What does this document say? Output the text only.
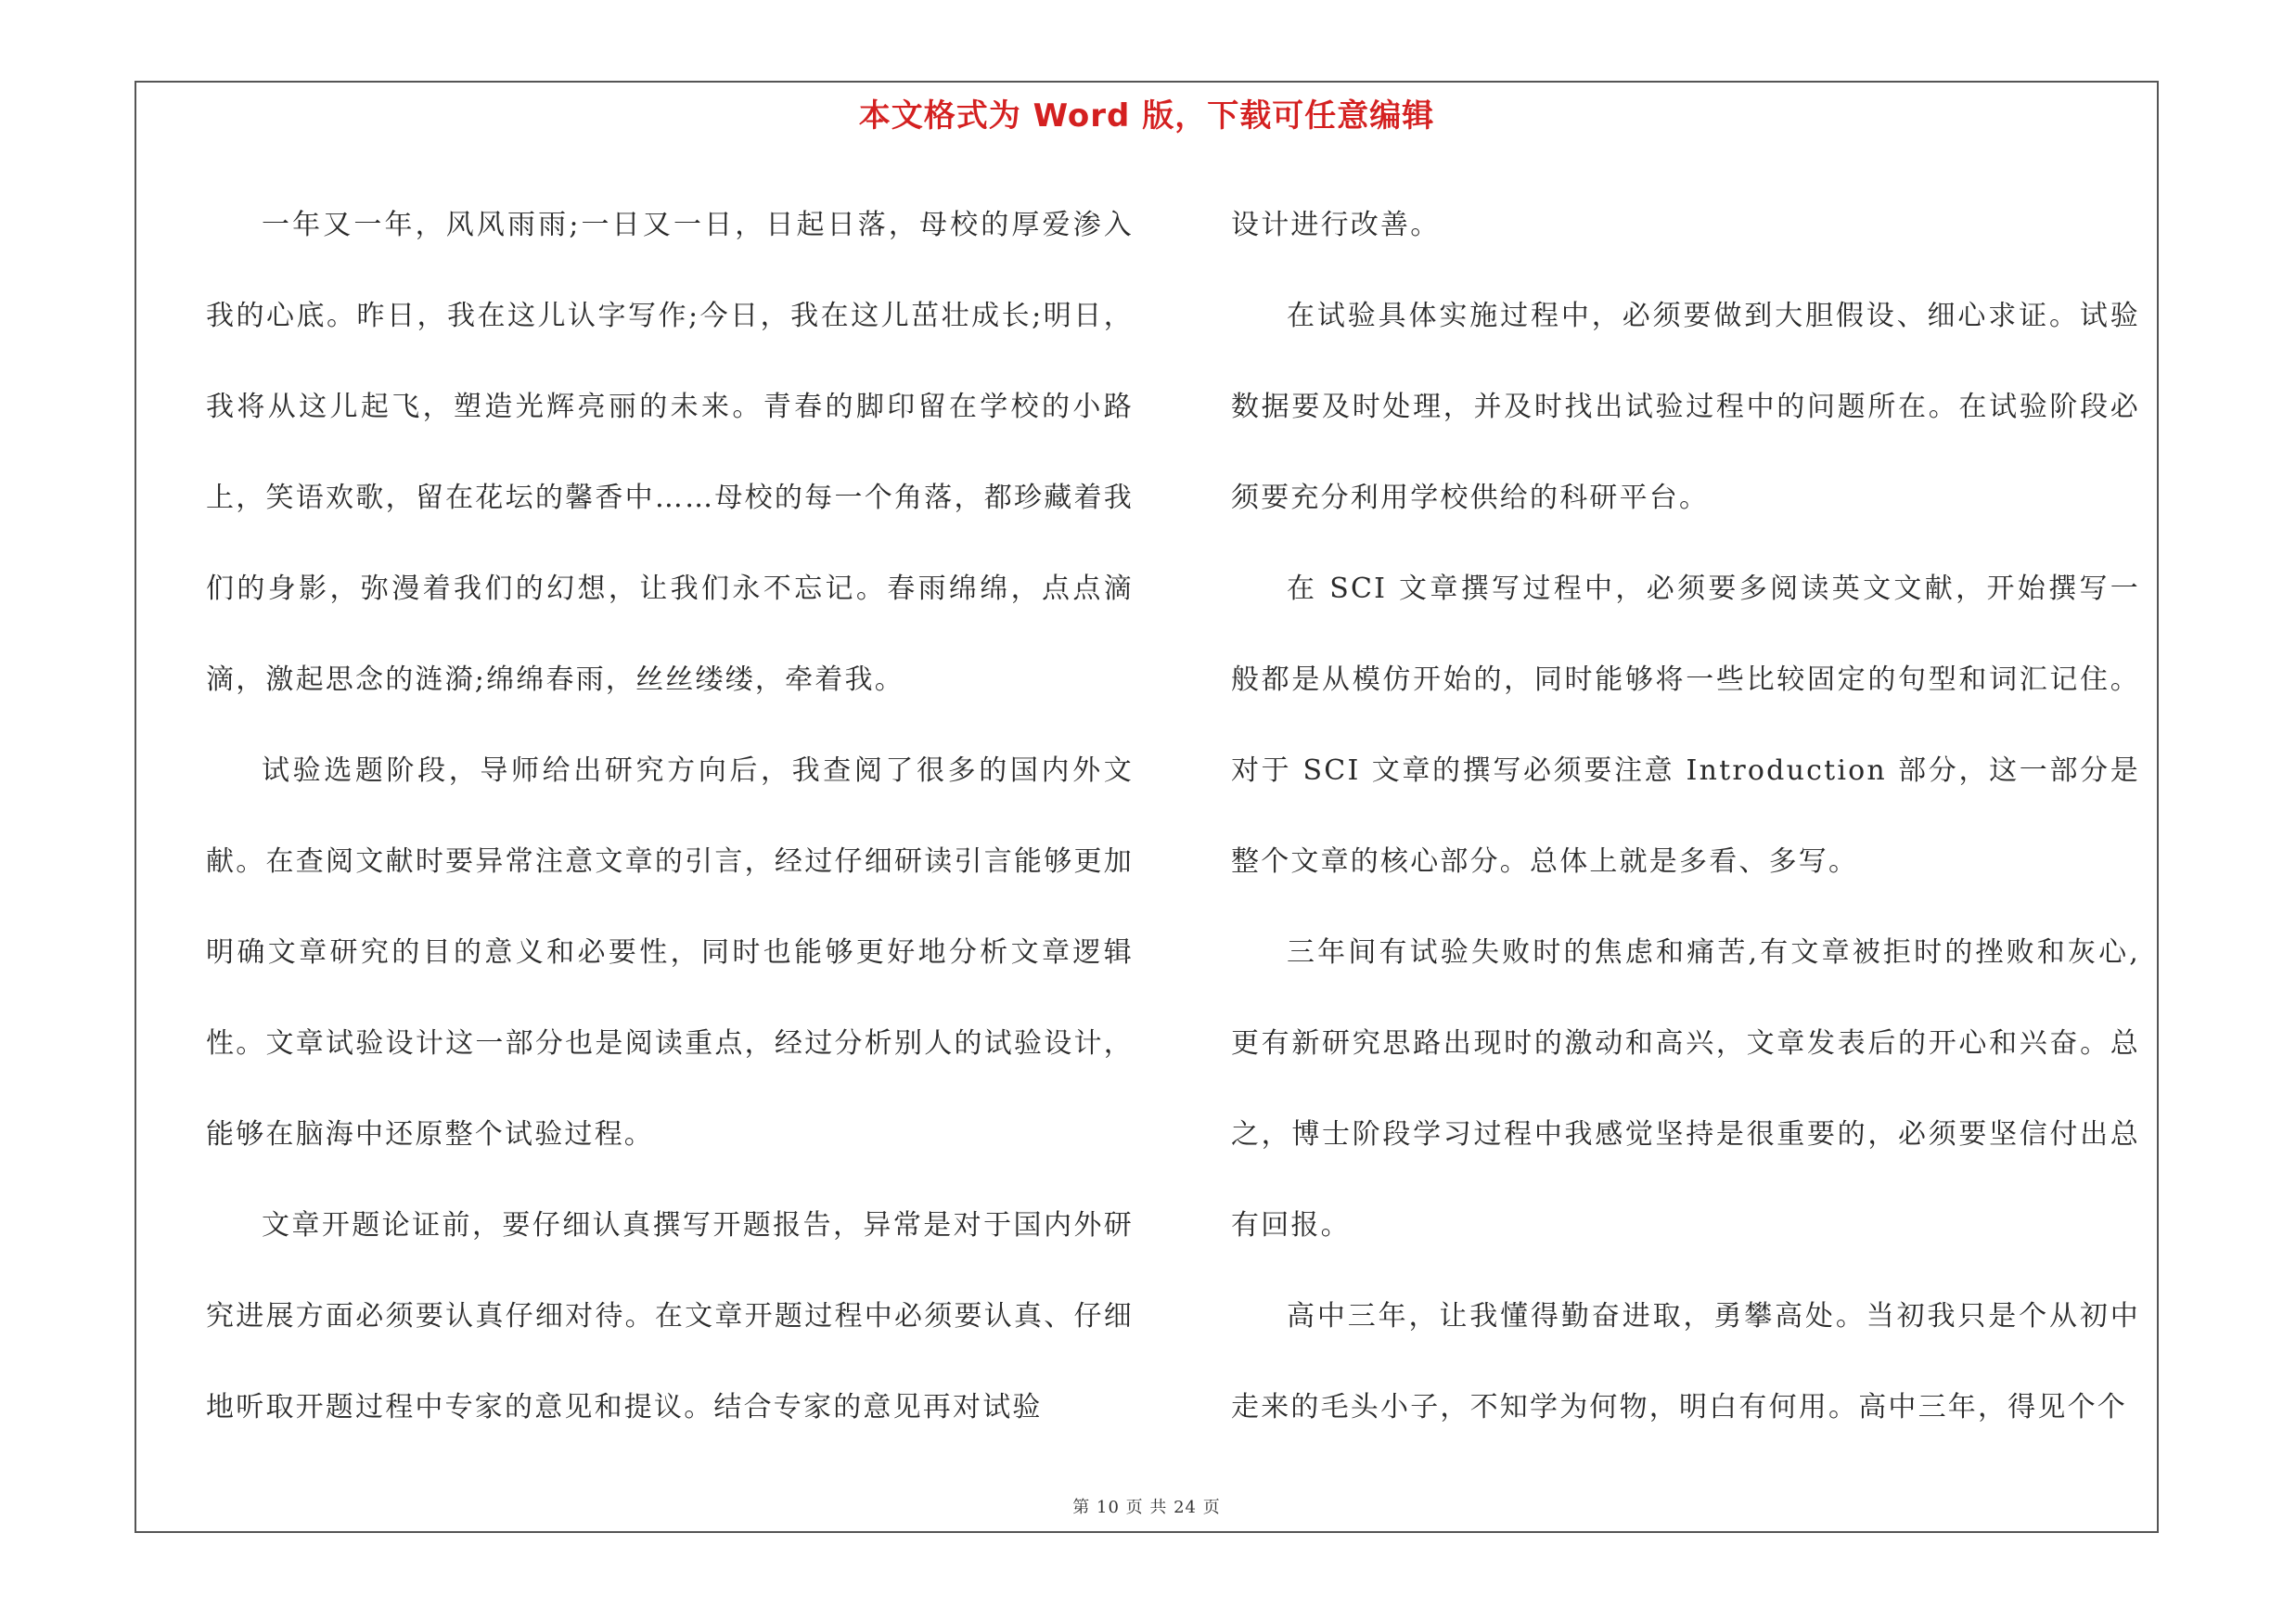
本文格式为 Word 版，下载可任意编辑

一年又一年，风风雨雨;一日又一日，日起日落，母校的厚爱渗入我的心底。昨日，我在这儿认字写作;今日，我在这儿茁壮成长;明日，我将从这儿起飞，塑造光辉亮丽的未来。青春的脚印留在学校的小路上，笑语欢歌，留在花坛的馨香中……母校的每一个角落，都珍藏着我们的身影，弥漫着我们的幻想，让我们永不忘记。春雨绵绵，点点滴滴，激起思念的涟漪;绵绵春雨，丝丝缕缕，牵着我。

试验选题阶段，导师给出研究方向后，我查阅了很多的国内外文献。在查阅文献时要异常注意文章的引言，经过仔细研读引言能够更加明确文章研究的目的意义和必要性，同时也能够更好地分析文章逻辑性。文章试验设计这一部分也是阅读重点，经过分析别人的试验设计，能够在脑海中还原整个试验过程。

文章开题论证前，要仔细认真撰写开题报告，异常是对于国内外研究进展方面必须要认真仔细对待。在文章开题过程中必须要认真、仔细地听取开题过程中专家的意见和提议。结合专家的意见再对试验

设计进行改善。

在试验具体实施过程中，必须要做到大胆假设、细心求证。试验数据要及时处理，并及时找出试验过程中的问题所在。在试验阶段必须要充分利用学校供给的科研平台。

在 SCI 文章撰写过程中，必须要多阅读英文文献，开始撰写一般都是从模仿开始的，同时能够将一些比较固定的句型和词汇记住。对于 SCI 文章的撰写必须要注意 Introduction 部分，这一部分是整个文章的核心部分。总体上就是多看、多写。

三年间有试验失败时的焦虑和痛苦,有文章被拒时的挫败和灰心,更有新研究思路出现时的激动和高兴，文章发表后的开心和兴奋。总之，博士阶段学习过程中我感觉坚持是很重要的，必须要坚信付出总有回报。

高中三年，让我懂得勤奋进取，勇攀高处。当初我只是个从初中走来的毛头小子，不知学为何物，明白有何用。高中三年，得见个个

第 10 页 共 24 页
